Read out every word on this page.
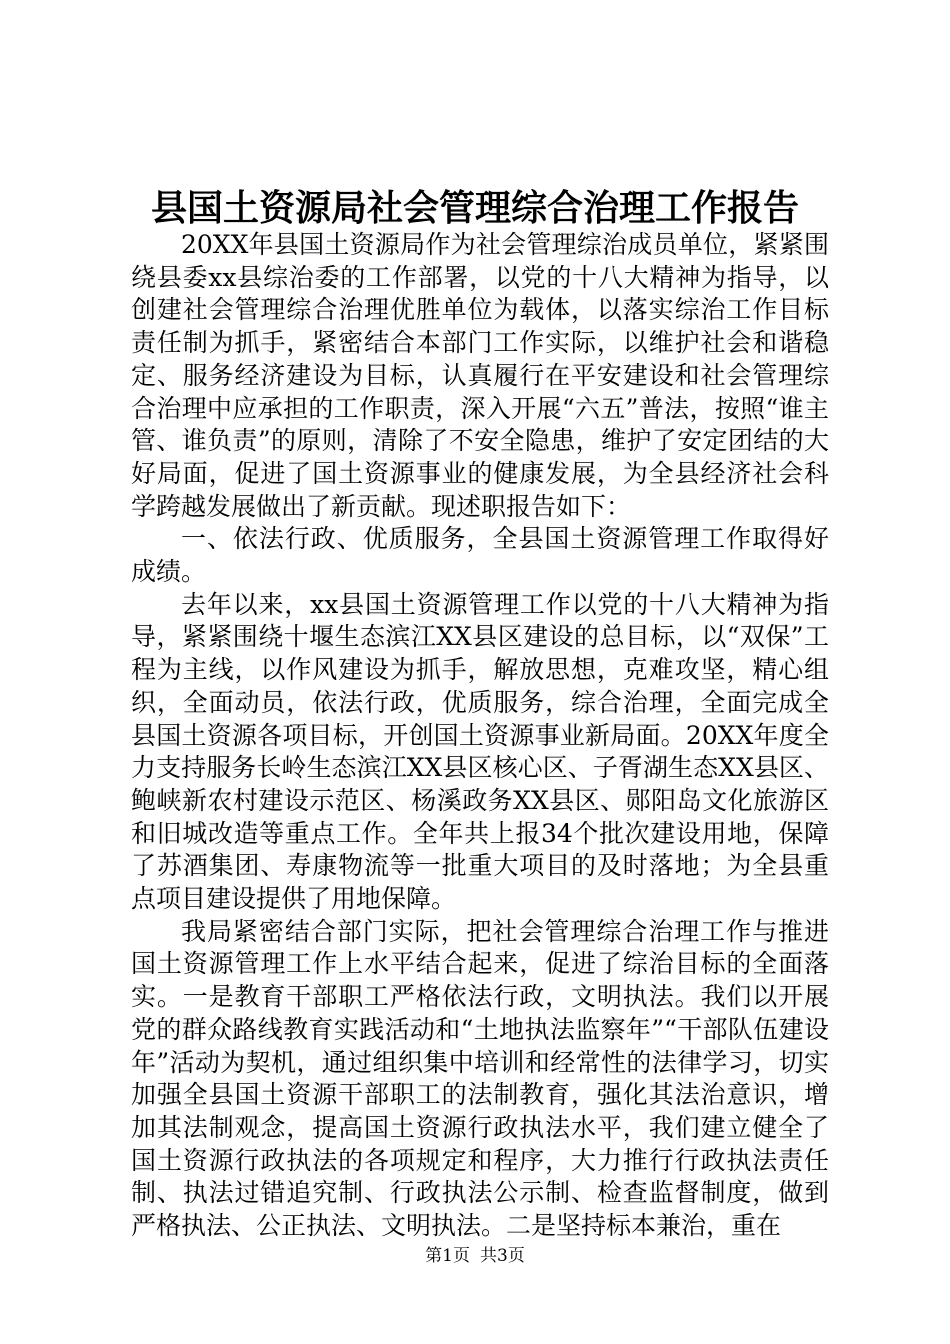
县国土资源局社会管理综合治理工作报告

20XX年县国土资源局作为社会管理综治成员单位，紧紧围绕县委xx县综治委的工作部署，以党的十八大精神为指导，以创建社会管理综合治理优胜单位为载体，以落实综治工作目标责任制为抓手，紧密结合本部门工作实际，以维护社会和谐稳定、服务经济建设为目标，认真履行在平安建设和社会管理综合治理中应承担的工作职责，深入开展“六五”普法，按照“谁主管、谁负责”的原则，清除了不安全隐患，维护了安定团结的大好局面，促进了国土资源事业的健康发展，为全县经济社会科学跨越发展做出了新贡献。现述职报告如下：

一、依法行政、优质服务，全县国土资源管理工作取得好成绩。

去年以来，xx县国土资源管理工作以党的十八大精神为指导，紧紧围绕十堰生态滨江XX县区建设的总目标，以“双保”工程为主线，以作风建设为抓手，解放思想，克难攻坚，精心组织，全面动员，依法行政，优质服务，综合治理，全面完成全县国土资源各项目标，开创国土资源事业新局面。20XX年度全力支持服务长岭生态滨江XX县区核心区、子胥湖生态XX县区、鲍峡新农村建设示范区、杨溪政务XX县区、郧阳岛文化旅游区和旧城改造等重点工作。全年共上报34个批次建设用地，保障了苏酒集团、寿康物流等一批重大项目的及时落地；为全县重点项目建设提供了用地保障。

我局紧密结合部门实际，把社会管理综合治理工作与推进国土资源管理工作上水平结合起来，促进了综治目标的全面落实。一是教育干部职工严格依法行政，文明执法。我们以开展党的群众路线教育实践活动和“土地执法监察年”“干部队伍建设年”活动为契机，通过组织集中培训和经常性的法律学习，切实加强全县国土资源干部职工的法制教育，强化其法治意识，增加其法制观念，提高国土资源行政执法水平，我们建立健全了国土资源行政执法的各项规定和程序，大力推行行政执法责任制、执法过错追究制、行政执法公示制、检查监督制度，做到严格执法、公正执法、文明执法。二是坚持标本兼治，重在

第1页 共3页
